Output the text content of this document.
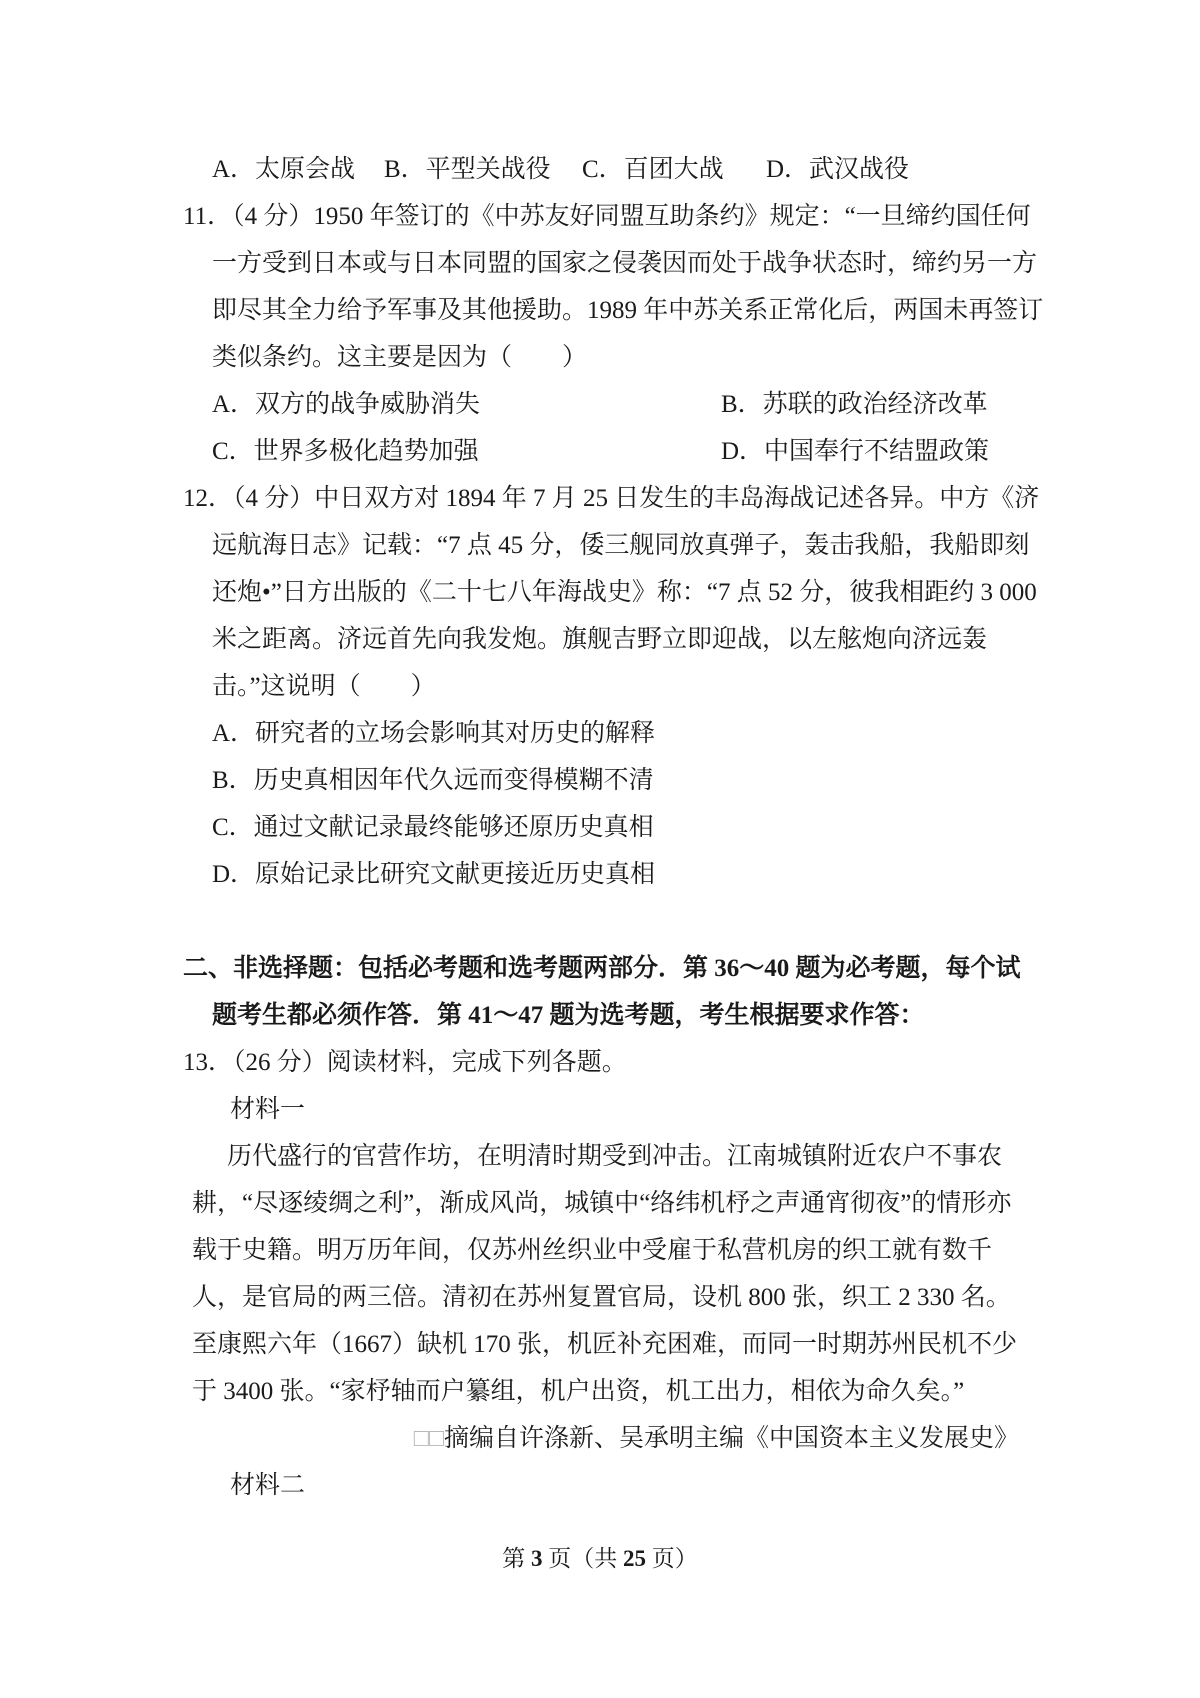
A．太原会战	B．平型关战役	C．百团大战	D．武汉战役
11．（4 分）1950 年签订的《中苏友好同盟互助条约》规定：“一旦缔约国任何
一方受到日本或与日本同盟的国家之侵袭因而处于战争状态时，缔约另一方
即尽其全力给予军事及其他援助。1989 年中苏关系正常化后，两国未再签订
类似条约。这主要是因为（　　）
A．双方的战争威胁消失	B．苏联的政治经济改革
C．世界多极化趋势加强	D．中国奉行不结盟政策
12．（4 分）中日双方对 1894 年 7 月 25 日发生的丰岛海战记述各异。中方《济
远航海日志》记载：“7 点 45 分，倭三舰同放真弹子，轰击我船，我船即刻
还炮•”日方出版的《二十七八年海战史》称：“7 点 52 分，彼我相距约 3 000
米之距离。济远首先向我发炮。旗舰吉野立即迎战，以左舷炮向济远轰
击。”这说明（　　）
A．研究者的立场会影响其对历史的解释
B．历史真相因年代久远而变得模糊不清
C．通过文献记录最终能够还原历史真相
D．原始记录比研究文献更接近历史真相
二、非选择题：包括必考题和选考题两部分．第 36～40 题为必考题，每个试
题考生都必须作答．第 41～47 题为选考题，考生根据要求作答：
13．（26 分）阅读材料，完成下列各题。
材料一
历代盛行的官营作坊，在明清时期受到冲击。江南城镇附近农户不事农
耕，“尽逐绫绸之利”，渐成风尚，城镇中“络纬机杼之声通宵彻夜”的情形亦
载于史籍。明万历年间，仅苏州丝织业中受雇于私营机房的织工就有数千
人，是官局的两三倍。清初在苏州复置官局，设机 800 张，织工 2 330 名。
至康熙六年（1667）缺机 170 张，机匠补充困难，而同一时期苏州民机不少
于 3400 张。“家杼轴而户纂组，机户出资，机工出力，相依为命久矣。”
□□摘编自许涤新、吴承明主编《中国资本主义发展史》
材料二
第 3 页（共 25 页）
